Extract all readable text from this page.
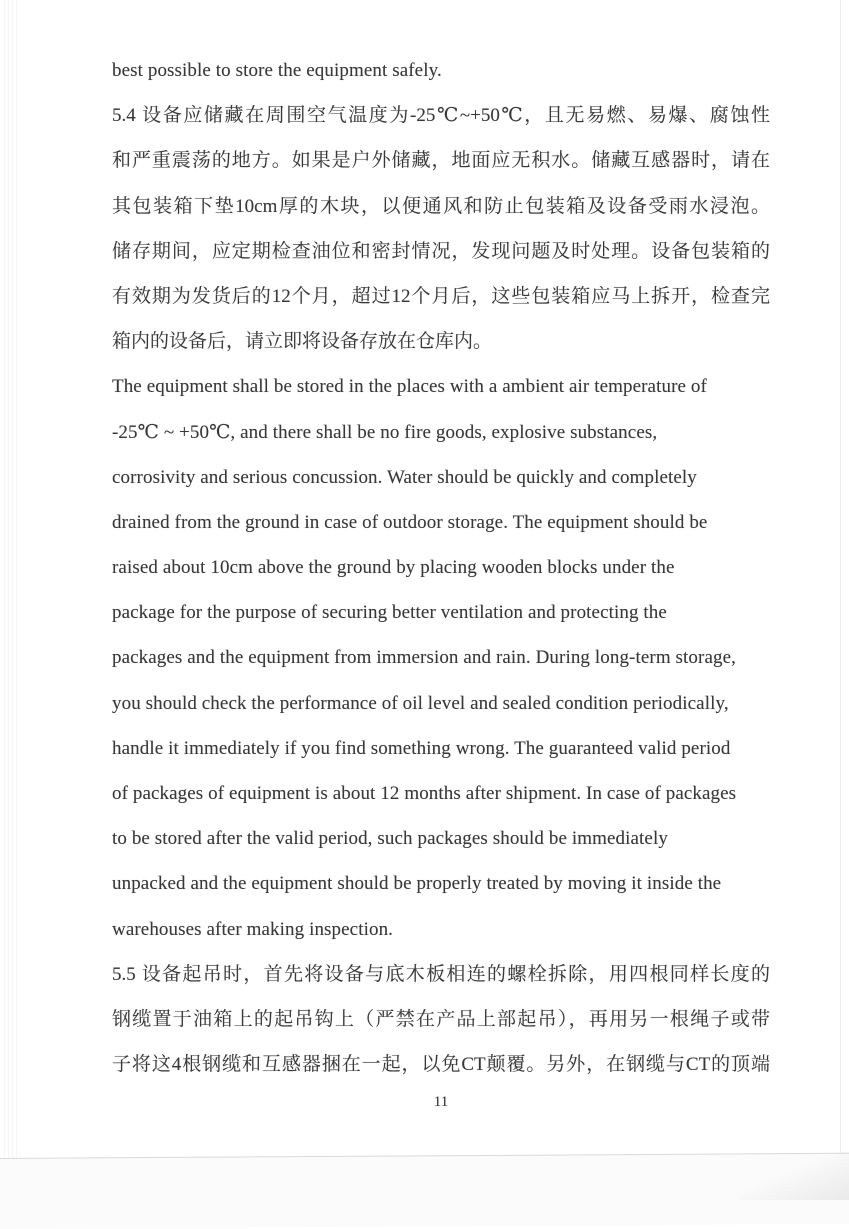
best possible to store the equipment safely.
5.4 设备应储藏在周围空气温度为-25℃~+50℃，且无易燃、易爆、腐蚀性
和严重震荡的地方。如果是户外储藏，地面应无积水。储藏互感器时，请在
其包装箱下垫10cm厚的木块，以便通风和防止包装箱及设备受雨水浸泡。
储存期间，应定期检查油位和密封情况，发现问题及时处理。设备包装箱的
有效期为发货后的12个月，超过12个月后，这些包装箱应马上拆开，检查完
箱内的设备后，请立即将设备存放在仓库内。
The equipment shall be stored in the places with a ambient air temperature of
-25℃ ~ +50℃, and there shall be no fire goods, explosive substances,
corrosivity and serious concussion. Water should be quickly and completely
drained from the ground in case of outdoor storage. The equipment should be
raised about 10cm above the ground by placing wooden blocks under the
package for the purpose of securing better ventilation and protecting the
packages and the equipment from immersion and rain. During long-term storage,
you should check the performance of oil level and sealed condition periodically,
handle it immediately if you find something wrong. The guaranteed valid period
of packages of equipment is about 12 months after shipment. In case of packages
to be stored after the valid period, such packages should be immediately
unpacked and the equipment should be properly treated by moving it inside the
warehouses after making inspection.
5.5 设备起吊时，首先将设备与底木板相连的螺栓拆除，用四根同样长度的
钢缆置于油箱上的起吊钩上（严禁在产品上部起吊），再用另一根绳子或带
子将这4根钢缆和互感器捆在一起，以免CT颠覆。另外，在钢缆与CT的顶端
11
